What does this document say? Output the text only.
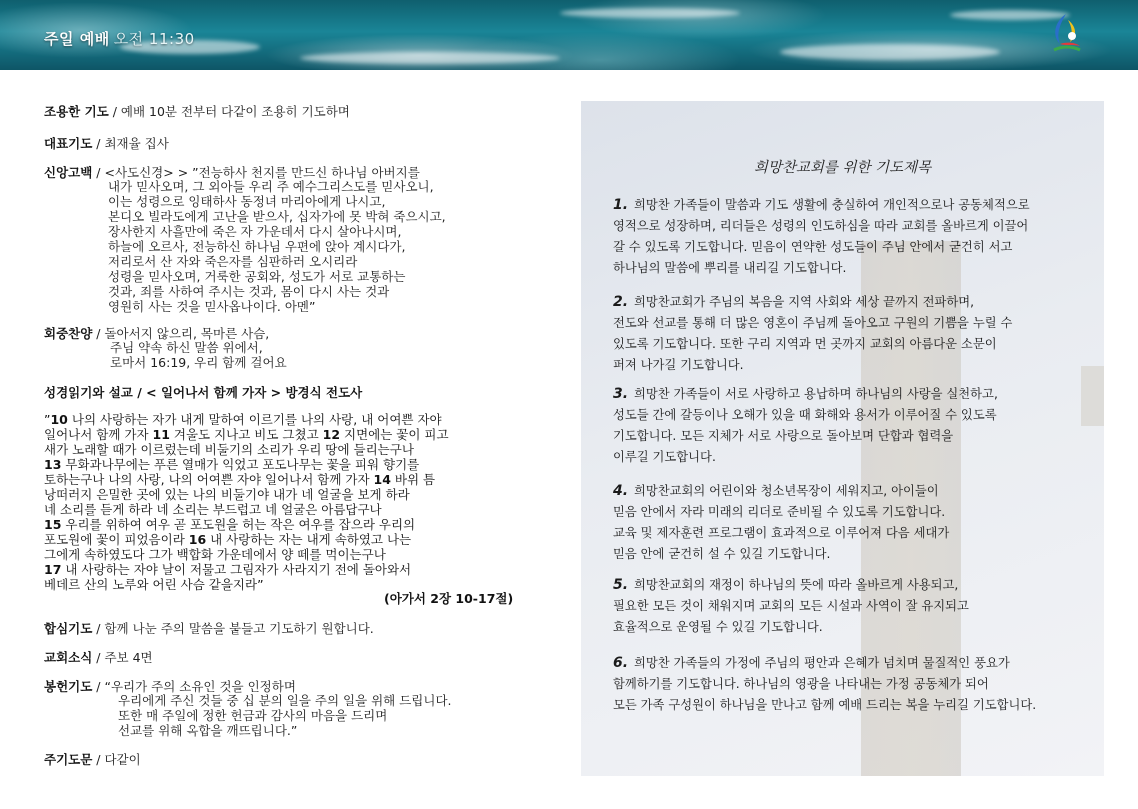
주일 예배 오전 11:30
조용한 기도 / 예배 10분 전부터 다같이 조용히 기도하며
대표기도 / 최재율 집사
신앙고백 / <사도신경> > ”전능하사 천지를 만드신 하나님 아버지를
내가 믿사오며, 그 외아들 우리 주 예수그리스도를 믿사오니,
이는 성령으로 잉태하사 동정녀 마리아에게 나시고,
본디오 빌라도에게 고난을 받으사, 십자가에 못 박혀 죽으시고,
장사한지 사흘만에 죽은 자 가운데서 다시 살아나시며,
하늘에 오르사, 전능하신 하나님 우편에 앉아 계시다가,
저리로서 산 자와 죽은자를 심판하러 오시리라
성령을 믿사오며, 거룩한 공회와, 성도가 서로 교통하는
것과, 죄를 사하여 주시는 것과, 몸이 다시 사는 것과
영원히 사는 것을 믿사옵나이다. 아멘”
회중찬양 / 돌아서지 않으리, 목마른 사슴,
주님 약속 하신 말씀 위에서,
로마서 16:19, 우리 함께 걸어요
성경읽기와 설교 / < 일어나서 함께 가자 > 방경식 전도사
”10 나의 사랑하는 자가 내게 말하여 이르기를 나의 사랑, 내 어여쁜 자야
일어나서 함께 가자 11 겨울도 지나고 비도 그쳤고 12 지면에는 꽃이 피고
새가 노래할 때가 이르렀는데 비둘기의 소리가 우리 땅에 들리는구나
13 무화과나무에는 푸른 열매가 익었고 포도나무는 꽃을 피워 향기를
토하는구나 나의 사랑, 나의 어여쁜 자야 일어나서 함께 가자 14 바위 틈
낭떠러지 은밀한 곳에 있는 나의 비둘기야 내가 네 얼굴을 보게 하라
네 소리를 듣게 하라 네 소리는 부드럽고 네 얼굴은 아름답구나
15 우리를 위하여 여우 곧 포도원을 허는 작은 여우를 잡으라 우리의
포도원에 꽃이 피었음이라 16 내 사랑하는 자는 내게 속하였고 나는
그에게 속하였도다 그가 백합화 가운데에서 양 떼를 먹이는구나
17 내 사랑하는 자야 날이 저물고 그림자가 사라지기 전에 돌아와서
베데르 산의 노루와 어린 사슴 같을지라”
(아가서 2장 10-17절)
합심기도 / 함께 나눈 주의 말씀을 붙들고 기도하기 원합니다.
교회소식 / 주보 4면
봉헌기도 / “우리가 주의 소유인 것을 인정하며
우리에게 주신 것들 중 십 분의 일을 주의 일을 위해 드립니다.
또한 매 주일에 정한 헌금과 감사의 마음을 드리며
선교를 위해 옥합을 깨뜨립니다.”
주기도문 / 다같이
희망찬교회를 위한 기도제목
1. 희망찬 가족들이 말씀과 기도 생활에 충실하여 개인적으로나 공동체적으로
영적으로 성장하며, 리더들은 성령의 인도하심을 따라 교회를 올바르게 이끌어
갈 수 있도록 기도합니다. 믿음이 연약한 성도들이 주님 안에서 굳건히 서고
하나님의 말씀에 뿌리를 내리길 기도합니다.
2. 희망찬교회가 주님의 복음을 지역 사회와 세상 끝까지 전파하며,
전도와 선교를 통해 더 많은 영혼이 주님께 돌아오고 구원의 기쁨을 누릴 수
있도록 기도합니다. 또한 구리 지역과 먼 곳까지 교회의 아름다운 소문이
퍼져 나가길 기도합니다.
3. 희망찬 가족들이 서로 사랑하고 용납하며 하나님의 사랑을 실천하고,
성도들 간에 갈등이나 오해가 있을 때 화해와 용서가 이루어질 수 있도록
기도합니다. 모든 지체가 서로 사랑으로 돌아보며 단합과 협력을
이루길 기도합니다.
4. 희망찬교회의 어린이와 청소년목장이 세워지고, 아이들이
믿음 안에서 자라 미래의 리더로 준비될 수 있도록 기도합니다.
교육 및 제자훈련 프로그램이 효과적으로 이루어져 다음 세대가
믿음 안에 굳건히 설 수 있길 기도합니다.
5. 희망찬교회의 재정이 하나님의 뜻에 따라 올바르게 사용되고,
필요한 모든 것이 채워지며 교회의 모든 시설과 사역이 잘 유지되고
효율적으로 운영될 수 있길 기도합니다.
6. 희망찬 가족들의 가정에 주님의 평안과 은혜가 넘치며 물질적인 풍요가
함께하기를 기도합니다. 하나님의 영광을 나타내는 가정 공동체가 되어
모든 가족 구성원이 하나님을 만나고 함께 예배 드리는 복을 누리길 기도합니다.
